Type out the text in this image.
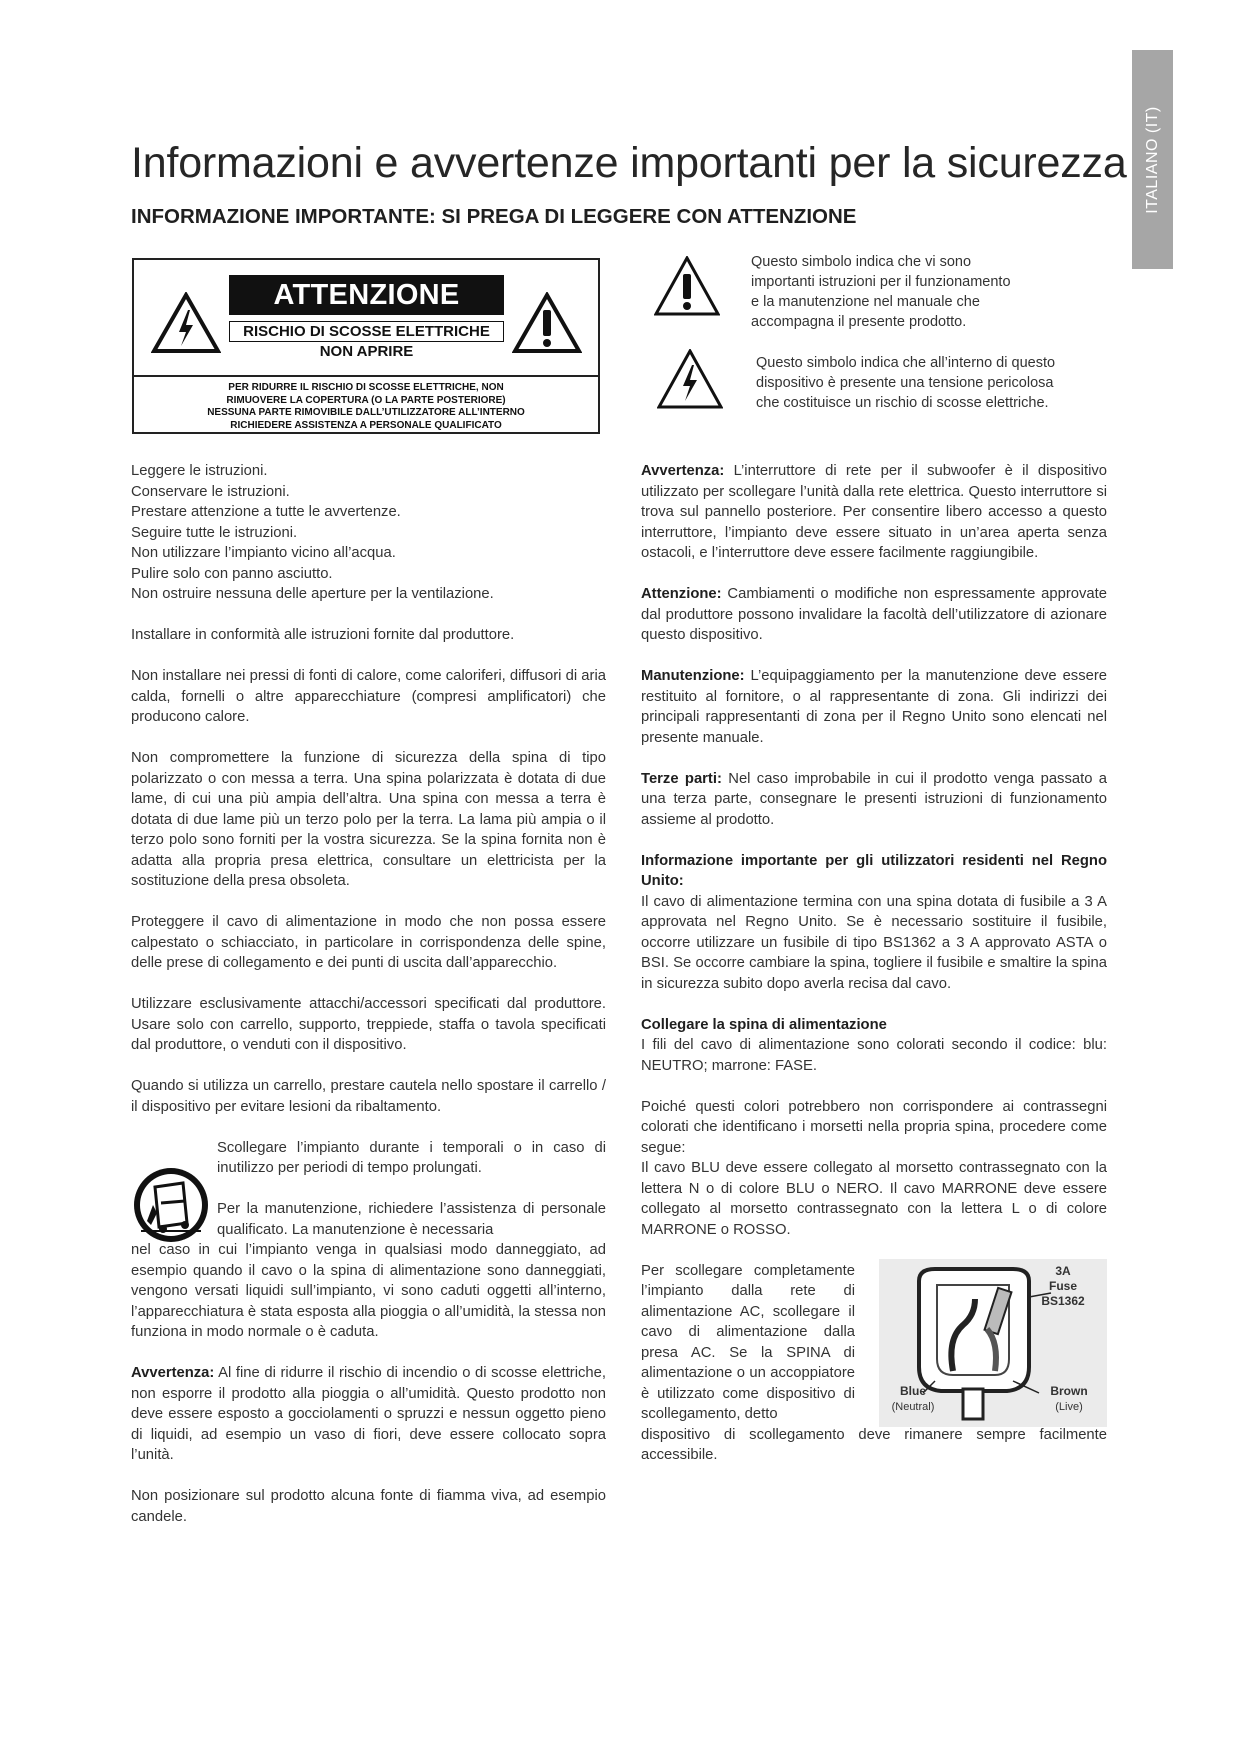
ITALIANO (IT)
Informazioni e avvertenze importanti per la sicurezza
INFORMAZIONE IMPORTANTE: SI PREGA DI LEGGERE CON ATTENZIONE
ATTENZIONE
RISCHIO DI SCOSSE ELETTRICHE
NON APRIRE
PER RIDURRE IL RISCHIO DI SCOSSE ELETTRICHE, NON
RIMUOVERE LA COPERTURA (O LA PARTE POSTERIORE)
NESSUNA PARTE RIMOVIBILE DALL’UTILIZZATORE ALL’INTERNO
RICHIEDERE ASSISTENZA A PERSONALE QUALIFICATO
Questo simbolo indica che vi sono
importanti istruzioni per il funzionamento
e la manutenzione nel manuale che
accompagna il presente prodotto.
Questo simbolo indica che all’interno di questo
dispositivo è presente una tensione pericolosa
che costituisce un rischio di scosse elettriche.

Leggere le istruzioni.
Conservare le istruzioni.
Prestare attenzione a tutte le avvertenze.
Seguire tutte le istruzioni.
Non utilizzare l’impianto vicino all’acqua.
Pulire solo con panno asciutto.
Non ostruire nessuna delle aperture per la ventilazione.

Installare in conformità alle istruzioni fornite dal produttore.

Non installare nei pressi di fonti di calore, come caloriferi, diffusori di aria calda, fornelli o altre apparecchiature (compresi amplificatori) che producono calore.

Non compromettere la funzione di sicurezza della spina di tipo polarizzato o con messa a terra. Una spina polarizzata è dotata di due lame, di cui una più ampia dell’altra. Una spina con messa a terra è dotata di due lame più un terzo polo per la terra. La lama più ampia o il terzo polo sono forniti per la vostra sicurezza. Se la spina fornita non è adatta alla propria presa elettrica, consultare un elettricista per la sostituzione della presa obsoleta.

Proteggere il cavo di alimentazione in modo che non possa essere calpestato o schiacciato, in particolare in corrispondenza delle spine, delle prese di collegamento e dei punti di uscita dall’apparecchio.

Utilizzare esclusivamente attacchi/accessori specificati dal produttore. Usare solo con carrello, supporto, treppiede, staffa o tavola specificati dal produttore, o venduti con il dispositivo.

Quando si utilizza un carrello, prestare cautela nello spostare il carrello / il dispositivo per evitare lesioni da ribaltamento.

Scollegare l’impianto durante i temporali o in caso di inutilizzo per periodi di tempo prolungati.

Per la manutenzione, richiedere l’assistenza di personale qualificato. La manutenzione è necessaria

nel caso in cui l’impianto venga in qualsiasi modo danneggiato, ad esempio quando il cavo o la spina di alimentazione sono danneggiati, vengono versati liquidi sull’impianto, vi sono caduti oggetti all’interno, l’apparecchiatura è stata esposta alla pioggia o all’umidità, la stessa non funziona in modo normale o è caduta.

Avvertenza: Al fine di ridurre il rischio di incendio o di scosse elettriche, non esporre il prodotto alla pioggia o all’umidità. Questo prodotto non deve essere esposto a gocciolamenti o spruzzi e nessun oggetto pieno di liquidi, ad esempio un vaso di fiori, deve essere collocato sopra l’unità.

Non posizionare sul prodotto alcuna fonte di fiamma viva, ad esempio candele.

Avvertenza: L’interruttore di rete per il subwoofer è il dispositivo utilizzato per scollegare l’unità dalla rete elettrica. Questo interruttore si trova sul pannello posteriore. Per consentire libero accesso a questo interruttore, l’impianto deve essere situato in un’area aperta senza ostacoli, e l’interruttore deve essere facilmente raggiungibile.

Attenzione: Cambiamenti o modifiche non espressamente approvate dal produttore possono invalidare la facoltà dell’utilizzatore di azionare questo dispositivo.

Manutenzione: L’equipaggiamento per la manutenzione deve essere restituito al fornitore, o al rappresentante di zona. Gli indirizzi dei principali rappresentanti di zona per il Regno Unito sono elencati nel presente manuale.

Terze parti: Nel caso improbabile in cui il prodotto venga passato a una terza parte, consegnare le presenti istruzioni di funzionamento assieme al prodotto.

Informazione importante per gli utilizzatori residenti nel Regno Unito:

Il cavo di alimentazione termina con una spina dotata di fusibile a 3 A approvata nel Regno Unito. Se è necessario sostituire il fusibile, occorre utilizzare un fusibile di tipo BS1362 a 3 A approvato ASTA o BSI. Se occorre cambiare la spina, togliere il fusibile e smaltire la spina in sicurezza subito dopo averla recisa dal cavo.

Collegare la spina di alimentazione

I fili del cavo di alimentazione sono colorati secondo il codice: blu: NEUTRO; marrone: FASE.

Poiché questi colori potrebbero non corrispondere ai contrassegni colorati che identificano i morsetti nella propria spina, procedere come segue:

Il cavo BLU deve essere collegato al morsetto contrassegnato con la lettera N o di colore BLU o NERO. Il cavo MARRONE deve essere collegato al morsetto contrassegnato con la lettera L o di colore MARRONE o ROSSO.

3A
Fuse
BS1362
Blue
(Neutral)
Brown
(Live)

Per scollegare completamente l’impianto dalla rete di alimentazione AC, scollegare il cavo di alimentazione dalla presa AC. Se la SPINA di alimentazione o un accoppiatore è utilizzato come dispositivo di scollegamento, detto

dispositivo di scollegamento deve rimanere sempre facilmente accessibile.
